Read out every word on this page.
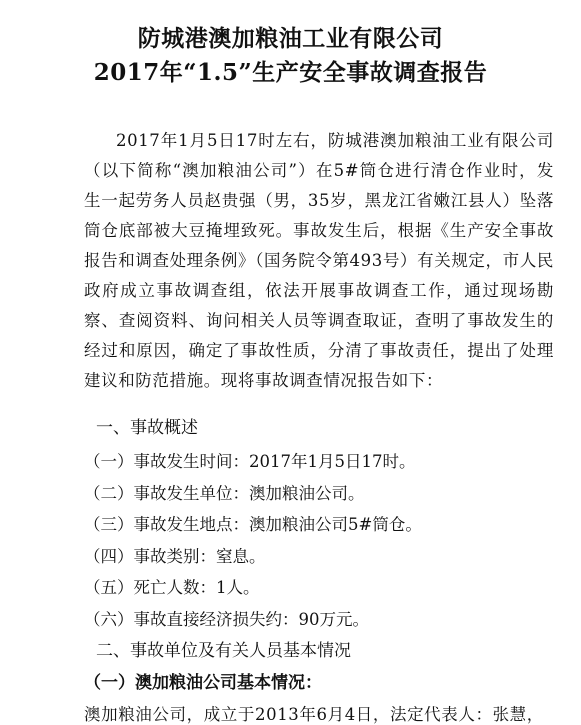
防城港澳加粮油工业有限公司
2017年“1.5”生产安全事故调查报告
2017年1月5日17时左右，防城港澳加粮油工业有限公司（以下简称“澳加粮油公司”）在5#筒仓进行清仓作业时，发生一起劳务人员赵贵强（男，35岁，黑龙江省嫩江县人）坠落筒仓底部被大豆掩埋致死。事故发生后，根据《生产安全事故报告和调查处理条例》（国务院令第493号）有关规定，市人民政府成立事故调查组，依法开展事故调查工作，通过现场勘察、查阅资料、询问相关人员等调查取证，查明了事故发生的经过和原因，确定了事故性质，分清了事故责任，提出了处理建议和防范措施。现将事故调查情况报告如下：
一、事故概述
（一）事故发生时间：2017年1月5日17时。
（二）事故发生单位：澳加粮油公司。
（三）事故发生地点：澳加粮油公司5#筒仓。
（四）事故类别：窒息。
（五）死亡人数：1人。
（六）事故直接经济损失约：90万元。
二、事故单位及有关人员基本情况
（一）澳加粮油公司基本情况：
澳加粮油公司，成立于2013年6月4日，法定代表人：张慧，
